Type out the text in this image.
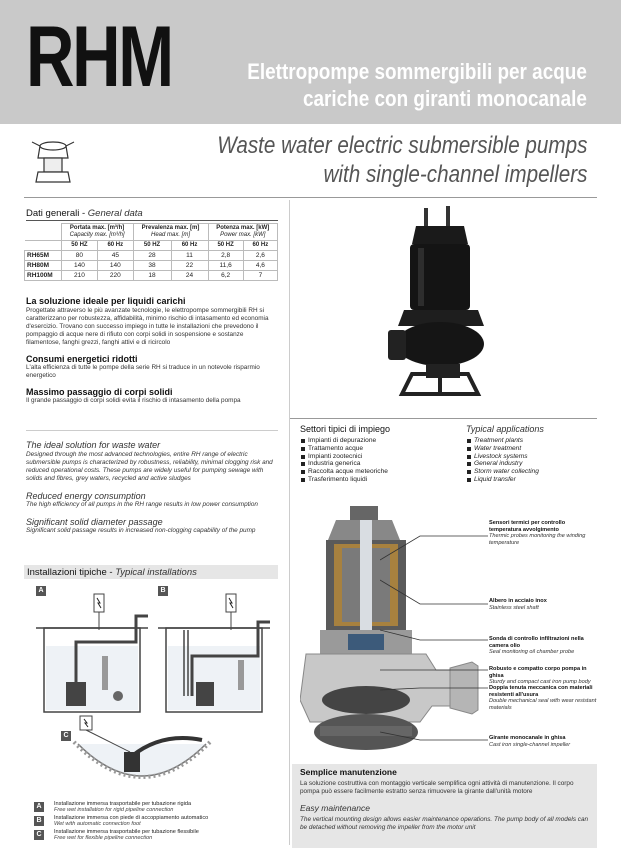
RHM	Elettropompe sommergibili per acque
cariche con giranti monocanale
Waste water electric submersible pumps
with single-channel impellers
Dati generali - General data
	Portata max. [m³/h]
Capacity max. [m³/h]		Prevalenza max. [m]
Head max. [m]		Potenza max. [kW]
Power max. [kW]	
	50 HZ	60 Hz	50 HZ	60 Hz	50 HZ	60 Hz
RH65M	80	45	28	11	2,8	2,6
RH80M	140	140	38	22	11,6	4,6
RH100M	210	220	18	24	6,2	7
La soluzione ideale per liquidi carichi
Progettate attraverso le più avanzate tecnologie, le elettropompe sommergibili RH si caratterizzano per robustezza, affidabilità, minimo rischio di intasamento ed economia d'esercizio. Trovano con successo impiego in tutte le installazioni che prevedono il pompaggio di acque nere di rifiuto con corpi solidi in sospensione e sostanze filamentose, fanghi grezzi, fanghi attivi e di ricircolo
Consumi energetici ridotti
L'alta efficienza di tutte le pompe della serie RH si traduce in un notevole risparmio energetico
Massimo passaggio di corpi solidi
Il grande passaggio di corpi solidi evita il rischio di intasamento della pompa
The ideal solution for waste water
Designed through the most advanced technologies, entire RH range of electric submersible pumps is characterized by robustness, reliability, minimal clogging risk and reduced operational costs. These pumps are widely useful for pumping sewage with solids and fibres, grey waters, recycled and active sludges
Reduced energy consumption
The high efficiency of all pumps in the RH range results in low power consumption
Significant solid diameter passage
Significant solid passage results in increased non-clogging capability of the pump
Installazioni tipiche - Typical installations
A	B
C
A	Installazione immersa trasportabile per tubazione rigida
Free wet installation for rigid pipeline connection
B	Installazione immersa con piede di accoppiamento automatico
Wet with automatic connection foot
C	Installazione immersa trasportabile per tubazione flessibile
Free wet for flexible pipeline connection
Settori tipici di impiego	Typical applications
Impianti di depurazione
Trattamento acque
Impianti zootecnici
Industria generica
Raccolta acque meteoriche
Trasferimento liquidi
Treatment plants
Water treatment
Livestock systems
General industry
Storm water collecting
Liquid transfer
Sensori termici per controllo temperatura avvolgimento
Thermic probes monitoring the winding temperature
Albero in acciaio inox
Stainless steel shaft
Sonda di controllo infiltrazioni nella camera olio
Seal monitoring oil chamber probe
Robusto e compatto corpo pompa in ghisa
Sturdy and compact cast iron pump body
Doppia tenuta meccanica con materiali resistenti all'usura
Double mechanical seal with wear resistant materials
Girante monocanale in ghisa
Cast iron single-channel impeller
Semplice manutenzione
La soluzione costruttiva con montaggio verticale semplifica ogni attività di manutenzione. Il corpo pompa può essere facilmente estratto senza rimuovere la girante dall'unità motore
Easy maintenance
The vertical mounting design allows easier maintenance operations. The pump body of all models can be detached without removing the impeller from the motor unit
